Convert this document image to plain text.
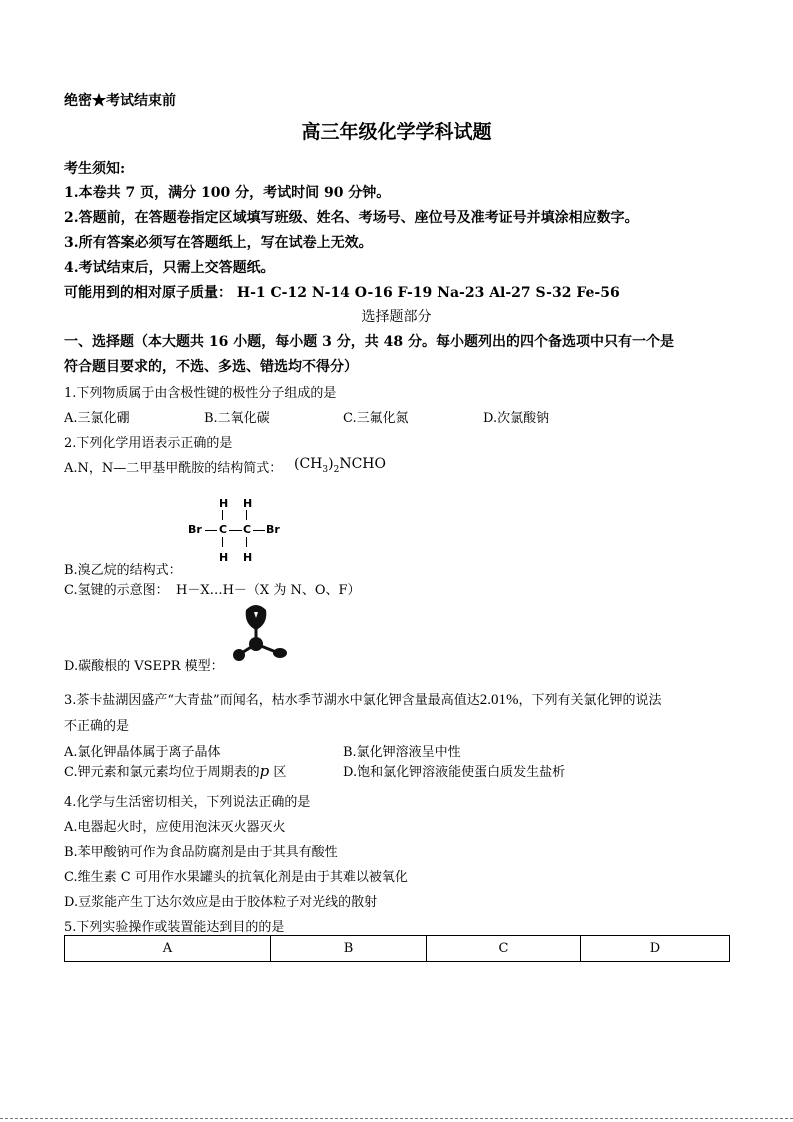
绝密★考试结束前
高三年级化学学科试题
考生须知:
1.本卷共 7 页，满分 100 分，考试时间 90 分钟。
2.答题前，在答题卷指定区域填写班级、姓名、考场号、座位号及准考证号并填涂相应数字。
3.所有答案必须写在答题纸上，写在试卷上无效。
4.考试结束后，只需上交答题纸。
可能用到的相对原子质量： H-1 C-12 N-14 O-16 F-19 Na-23 Al-27 S-32 Fe-56
选择题部分
一、选择题（本大题共 16 小题，每小题 3 分，共 48 分。每小题列出的四个备选项中只有一个是
符合题目要求的，不选、多选、错选均不得分）
1.下列物质属于由含极性键的极性分子组成的是
A.三氯化硼	B.二氧化碳	C.三氟化氮	D.次氯酸钠
2.下列化学用语表示正确的是
A.N，N—二甲基甲酰胺的结构简式： $(CH_3)_2NCHO$
H H
Br C C Br
H H
B.溴乙烷的结构式：
C.氢键的示意图： H－X…H－（X 为 N、O、F）
D.碳酸根的 VSEPR 模型：
3.茶卡盐湖因盛产“大青盐”而闻名，枯水季节湖水中氯化钾含量最高值达2.01%，下列有关氯化钾的说法
不正确的是
A.氯化钾晶体属于离子晶体	B.氯化钾溶液呈中性
C.钾元素和氯元素均位于周期表的p 区	D.饱和氯化钾溶液能使蛋白质发生盐析
4.化学与生活密切相关，下列说法正确的是
A.电器起火时，应使用泡沫灭火器灭火
B.苯甲酸钠可作为食品防腐剂是由于其具有酸性
C.维生素 C 可用作水果罐头的抗氧化剂是由于其难以被氧化
D.豆浆能产生丁达尔效应是由于胶体粒子对光线的散射
5.下列实验操作或装置能达到目的的是
A	B	C	D
